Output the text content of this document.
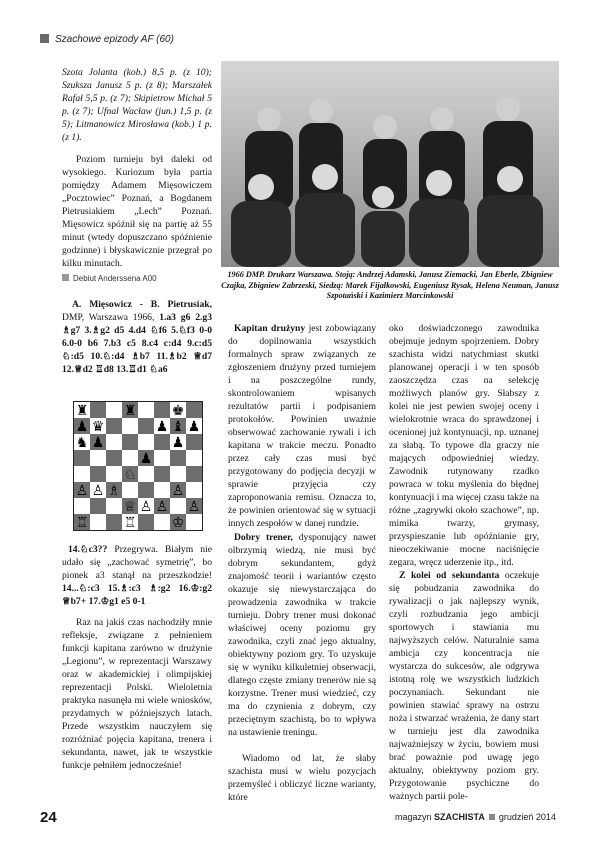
Szachowe epizody AF (60)

Szota Jolanta (kob.) 8,5 p. (z 10); Szuksza Janusz 5 p. (z 8); Marszałek Rafał 5,5 p. (z 7); Skipietrow Michał 5 p. (z 7); Ufnal Wacław (jun.) 1,5 p. (z 5); Litmanowicz Mirosława (kob.) 1 p. (z 1).

Poziom turnieju był daleki od wysokiego. Kuriozum była partia pomiędzy Adamem Mięsowiczem „Pocztowiec” Poznań, a Bogdanem Pietrusiakiem „Lech” Poznań. Mięsowicz spóźnił się na partię aż 55 minut (wtedy dopuszczano spóźnienie godzinne) i błyskawicznie przegrał po kilku minutach.

Debiut Anderssena A00

A. Mięsowicz - B. Pietrusiak, DMP, Warszawa 1966, 1.a3 g6 2.g3 ♗g7 3.♗g2 d5 4.d4 ♘f6 5.♘f3 0-0 6.0-0 b6 7.b3 c5 8.c4 c:d4 9.c:d5 ♘:d5 10.♘:d4 ♗b7 11.♗b2 ♕d7 12.♕d2 ♖d8 13.♖d1 ♘a6

♜	♜	♚
♟ ♛	♟ ♝ ♟
♞ ♟	♟
♟
♘
♙ ♙ ♗	♙
♕ ♙ ♙ ♙
♖	♖	♔

14.♘c3?? Przegrywa. Białym nie udało się „zachować symetrię”, bo pionek a3 stanął na przeszkodzie! 14...♘:c3 15.♗:c3 ♗:g2 16.♔:g2 ♕b7+ 17.♔g1 e5 0-1

Raz na jakiś czas nachodziły mnie refleksje, związane z pełnieniem funkcji kapitana zarówno w drużynie „Legionu”, w reprezentacji Warszawy oraz w akademickiej i olimpijskiej reprezentacji Polski. Wieloletnia praktyka nasunęła mi wiele wniosków, przydatnych w późniejszych latach. Przede wszystkim nauczyłem się rozróżniać pojęcia kapitana, trenera i sekundanta, nawet, jak te wszystkie funkcje pełniłem jednocześnie!

1966 DMP. Drukarz Warszawa. Stoją: Andrzej Adamski, Janusz Ziemacki, Jan Eberle, Zbigniew Czajka, Zbigniew Zabrzeski, Siedzą: Marek Fijałkowski, Eugeniusz Rysak, Helena Neuman, Janusz Szpotański i Kazimierz Marcinkowski

Kapitan drużyny jest zobowiązany do dopilnowania wszystkich formalnych spraw związanych ze zgłoszeniem drużyny przed turniejem i na poszczególne rundy, skontrolowaniem wpisanych rezultatów partii i podpisaniem protokołów. Powinien uważnie obserwować zachowanie rywali i ich kapitana w trakcie meczu. Ponadto przez cały czas musi być przygotowany do podjęcia decyzji w sprawie przyjęcia czy zaproponowania remisu. Oznacza to, że powinien orientować się w sytuacji innych zespołów w danej rundzie.

Dobry trener, dysponujący nawet olbrzymią wiedzą, nie musi być dobrym sekundantem, gdyż znajomość teorii i wariantów często okazuje się niewystarczająca do prowadzenia zawodnika w trakcie turnieju. Dobry trener musi dokonać właściwej oceny poziomu gry zawodnika, czyli znać jego aktualny, obiektywny poziom gry. To uzyskuje się w wyniku kilkuletniej obserwacji, dlatego częste zmiany trenerów nie są korzystne. Trener musi wiedzieć, czy ma do czynienia z dobrym, czy przeciętnym szachistą, bo to wpływa na ustawienie treningu.

Wiadomo od lat, że słaby szachista musi w wielu pozycjach przemyśleć i obliczyć liczne warianty, które

oko doświadczonego zawodnika obejmuje jednym spojrzeniem. Dobry szachista widzi natychmiast skutki planowanej operacji i w ten sposób zaoszczędza czas na selekcję możliwych planów gry. Słabszy z kolei nie jest pewien swojej oceny i wielokrotnie wraca do sprawdzonej i ocenionej już kontynuacji, np. uznanej za słabą. To typowe dla graczy nie mających odpowiedniej wiedzy. Zawodnik rutynowany rzadko powraca w toku myślenia do błędnej kontynuacji i ma więcej czasu także na różne „zagrywki około szachowe”, np. mimika twarzy, grymasy, przyspieszanie lub opóźnianie gry, nieoczekiwanie mocne naciśnięcie zegara, wręcz uderzenie itp., itd.

Z kolei od sekundanta oczekuje się pobudzania zawodnika do rywalizacji o jak najlepszy wynik, czyli rozbudzania jego ambicji sportowych i stawiania mu najwyższych celów. Naturalnie sama ambicja czy koncentracja nie wystarcza do sukcesów, ale odgrywa istotną rolę we wszystkich ludzkich poczynaniach. Sekundant nie powinien stawiać sprawy na ostrzu noża i stwarzać wrażenia, że dany start w turnieju jest dla zawodnika najważniejszy w życiu, bowiem musi brać poważnie pod uwagę jego aktualny, obiektywny poziom gry. Przygotowanie psychiczne do ważnych partii pole-

24	magazyn SZACHISTA grudzień 2014
